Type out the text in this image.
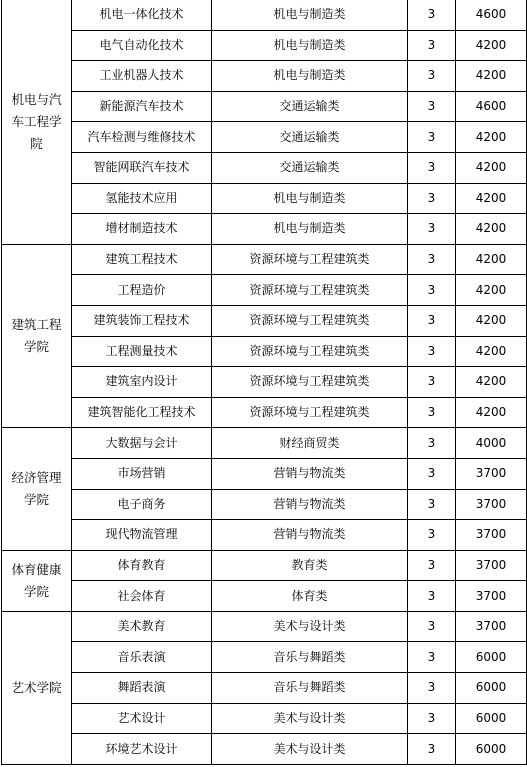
机电与汽车工程学院	机电一体化技术	机电与制造类	3	4600
	电气自动化技术	机电与制造类	3	4200
	工业机器人技术	机电与制造类	3	4200
	新能源汽车技术	交通运输类	3	4600
	汽车检测与维修技术	交通运输类	3	4200
	智能网联汽车技术	交通运输类	3	4200
	氢能技术应用	机电与制造类	3	4200
	增材制造技术	机电与制造类	3	4200
建筑工程学院	建筑工程技术	资源环境与工程建筑类	3	4200
	工程造价	资源环境与工程建筑类	3	4200
	建筑装饰工程技术	资源环境与工程建筑类	3	4200
	工程测量技术	资源环境与工程建筑类	3	4200
	建筑室内设计	资源环境与工程建筑类	3	4200
	建筑智能化工程技术	资源环境与工程建筑类	3	4200
经济管理学院	大数据与会计	财经商贸类	3	4000
	市场营销	营销与物流类	3	3700
	电子商务	营销与物流类	3	3700
	现代物流管理	营销与物流类	3	3700
体育健康学院	体育教育	教育类	3	3700
	社会体育	体育类	3	3700
艺术学院	美术教育	美术与设计类	3	3700
	音乐表演	音乐与舞蹈类	3	6000
	舞蹈表演	音乐与舞蹈类	3	6000
	艺术设计	美术与设计类	3	6000
	环境艺术设计	美术与设计类	3	6000
